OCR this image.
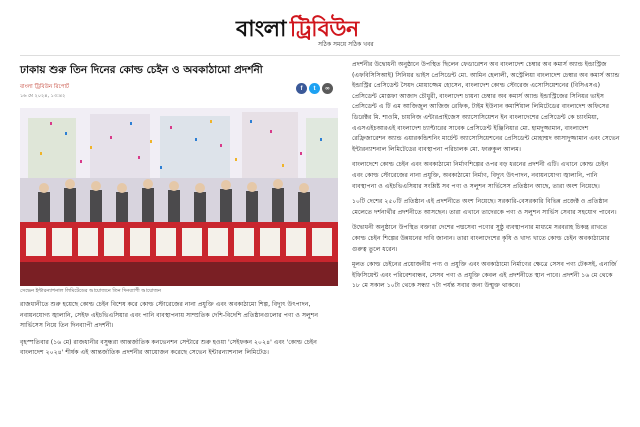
বাংলা ট্রিবিউন
সঠিক সময়ে সঠিক খবর
ঢাকায় শুরু তিন দিনের কোল্ড চেইন ও অবকাঠামো প্রদর্শনী
বাংলা ট্রিবিউন রিপোর্ট
১৬ মে ২০২৪, ১৩:৪২
f	t	∞
সেভেন ইন্টারন্যাশনাল লিমিটেডের আয়োজনে তিন দিনব্যাপী আয়োজন

রাজধানীতে শুরু হয়েছে কোল্ড চেইন বিশেষ করে কোল্ড স্টোরেজের নানা প্রযুক্তি এবং অবকাঠামো শিল্প, বিদ্যুৎ উৎপাদন, নবায়নযোগ্য জ্বালানি, সেইফ এইচভিএসিয়ার এবং পানি ব্যবস্থাপনায় সাম্প্রতিক দেশি-বিদেশি প্রতিষ্ঠানগুলোর পণ্য ও সলুশন সার্ভিসেস নিয়ে তিন দিনব্যাপী প্রদর্শনী।

বৃহস্পতিবার (১৬ মে) রাজধানীর বসুন্ধরা আন্তর্জাতিক কনভেনশন সেন্টারে শুরু হওয়া 'সেইফকন ২০২৪' এবং 'কোল্ড চেইন বাংলাদেশ ২০২৪' শীর্ষক এই আন্তর্জাতিক প্রদর্শনীর আয়োজন করেছে সেভেন ইন্টারন্যাশনাল লিমিটেড।

প্রদর্শনীর উদ্বোধনী অনুষ্ঠানে উপস্থিত ছিলেন ফেডারেশন অব বাংলাদেশ চেম্বার অব কমার্স অ্যান্ড ইন্ডাস্ট্রিজ (এফবিসিসিআই) সিনিয়র ভাইস প্রেসিডেন্ট মো. আমিন হেলালী, অস্ট্রেলিয়া বাংলাদেশ চেম্বার অব কমার্স অ্যান্ড ইন্ডাস্ট্রির প্রেসিডেন্ট সৈয়দ মোয়াজ্জেম হোসেন, বাংলাদেশ কোল্ড স্টোরেজ এসোসিয়েশনের (বিসিএসএ) প্রেসিডেন্ট মোস্তফা আজাদ চৌধুরী, বাংলাদেশ চায়না চেম্বার অব কমার্স অ্যান্ড ইন্ডাস্ট্রিজের সিনিয়র ভাইস প্রেসিডেন্ট এ টি এম আজিজুল আজিজ রেফিক, টাইম ইউনান কমার্শিয়াল লিমিটেডের বাংলাদেশ অফিসের ডিরেক্টর মি. শাওমি, চায়নিজ এন্টারপ্রাইজেস অ্যাসোসিয়েশন ইন বাংলাদেশের প্রেসিডেন্ট কে চ্যাংমিয়া, এএসএইচআরএই বাংলাদেশ চ্যাপ্টারের সাবেক প্রেসিডেন্ট ইঞ্জিনিয়ার মো. হামদুজ্জামান, বাংলাদেশ রেফ্রিজারেশন অ্যান্ড এয়ারকন্ডিশনিং মার্চেন্ট অ্যাসোসিয়েশনের প্রেসিডেন্ট মোহাম্মদ আসাদুজ্জামান এবং সেভেন ইন্টারন্যাশনাল লিমিটেডের ব্যবস্থাপনা পরিচালক মো. ফারুকুল আলম।

বাংলাদেশে কোল্ড চেইন এবং অবকাঠামো নির্মাণশিল্পের ওপর বড় ধরনের প্রদর্শনী এটি। এখানে কোল্ড চেইন এবং কোল্ড স্টোরেজের নানা প্রযুক্তি, অবকাঠামো নির্মাণ, বিদ্যুৎ উৎপাদন, নবায়নযোগ্য জ্বালানি, পানি ব্যবস্থাপনা ও এইচভিএসিয়ার সংশ্লিষ্ট সব পণ্য ও সলুশন সার্ভিসেস প্রতিষ্ঠান আছে, তারা অংশ নিয়েছে।

১০টি দেশের ২৫০টি প্রতিষ্ঠান এই প্রদর্শনীতে অংশ নিয়েছে। সরকারি-বেসরকারি বিভিন্ন প্রজেক্ট ও প্রতিষ্ঠান মেলেতে দর্শনার্থীর প্রদর্শনীতে আসছেন। তারা এখানে তাদেরকে পণ্য ও সলুশন সার্ভিস সেবার সহযোগ পাবেন।

উদ্বোধনী অনুষ্ঠানে উপস্থিত বক্তারা দেশের পদ্মসেবা পণ্যের সুষ্ঠু ব্যবস্থাপনার মাধ্যমে সরবরাহ চিকন্ত্র রাখতে কোল্ড চেইন শিল্পের উন্নয়নের দাবি জানান। তারা বাংলাদেশের কৃষি ও খাদ্য খাতে কোল্ড চেইন অবকাঠামোর গুরুত্ব তুলে ধরেন।

মূলত কোল্ড চেইনের প্রয়োজনীয় পণ্য ও প্রযুক্তি এবং অবকাঠামো নির্মাণের ক্ষেত্রে সেসব পণ্য টেকসই, এনার্জি ইফিসিয়েন্ট এবং পরিবেশবান্ধব, সেসব পণ্য ও প্রযুক্তি কেবল এই প্রদর্শনীতে স্থান পাবে। প্রদর্শনী ১৬ মে থেকে ১৮ মে সকাল ১০টা থেকে সন্ধ্যা ৭টা পর্যন্ত সবার জন্য উন্মুক্ত থাকবে।
